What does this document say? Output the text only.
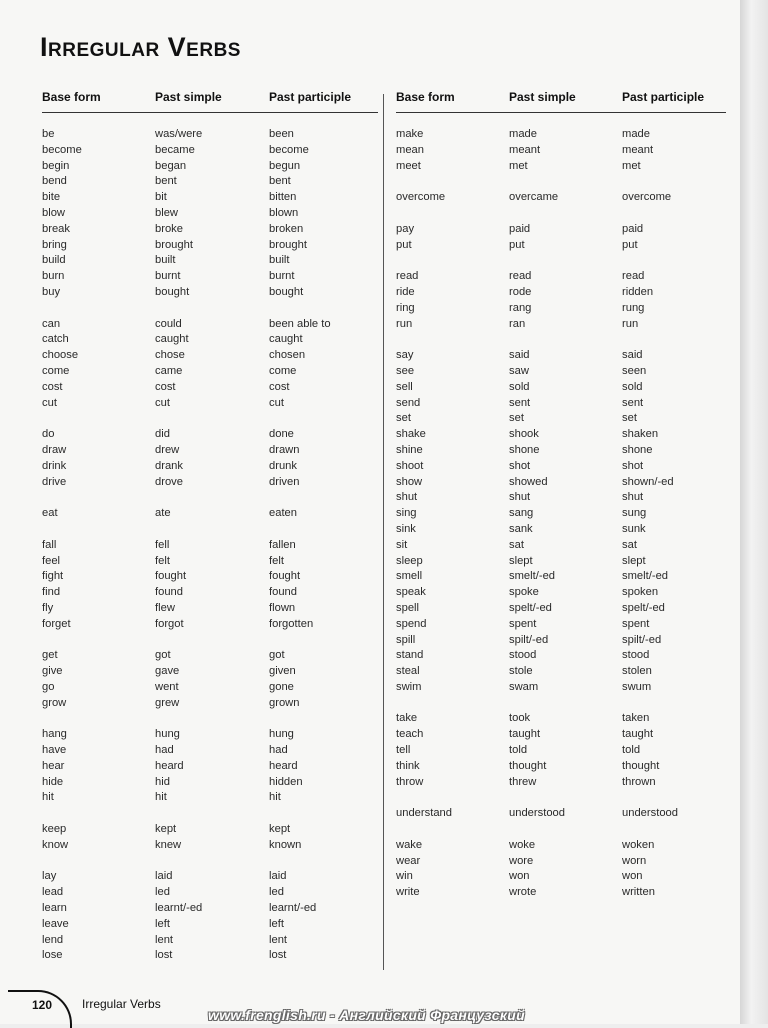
Irregular Verbs
Base form	Past simple	Past participle
be	was/were	been
become	became	become
begin	began	begun
bend	bent	bent
bite	bit	bitten
blow	blew	blown
break	broke	broken
bring	brought	brought
build	built	built
burn	burnt	burnt
buy	bought	bought
can	could	been able to
catch	caught	caught
choose	chose	chosen
come	came	come
cost	cost	cost
cut	cut	cut
do	did	done
draw	drew	drawn
drink	drank	drunk
drive	drove	driven
eat	ate	eaten
fall	fell	fallen
feel	felt	felt
fight	fought	fought
find	found	found
fly	flew	flown
forget	forgot	forgotten
get	got	got
give	gave	given
go	went	gone
grow	grew	grown
hang	hung	hung
have	had	had
hear	heard	heard
hide	hid	hidden
hit	hit	hit
keep	kept	kept
know	knew	known
lay	laid	laid
lead	led	led
learn	learnt/-ed	learnt/-ed
leave	left	left
lend	lent	lent
lose	lost	lost
Base form	Past simple	Past participle
make	made	made
mean	meant	meant
meet	met	met
overcome	overcame	overcome
pay	paid	paid
put	put	put
read	read	read
ride	rode	ridden
ring	rang	rung
run	ran	run
say	said	said
see	saw	seen
sell	sold	sold
send	sent	sent
set	set	set
shake	shook	shaken
shine	shone	shone
shoot	shot	shot
show	showed	shown/-ed
shut	shut	shut
sing	sang	sung
sink	sank	sunk
sit	sat	sat
sleep	slept	slept
smell	smelt/-ed	smelt/-ed
speak	spoke	spoken
spell	spelt/-ed	spelt/-ed
spend	spent	spent
spill	spilt/-ed	spilt/-ed
stand	stood	stood
steal	stole	stolen
swim	swam	swum
take	took	taken
teach	taught	taught
tell	told	told
think	thought	thought
throw	threw	thrown
understand	understood	understood
wake	woke	woken
wear	wore	worn
win	won	won
write	wrote	written
120 Irregular Verbs
www.frenglish.ru - Английский Французский
